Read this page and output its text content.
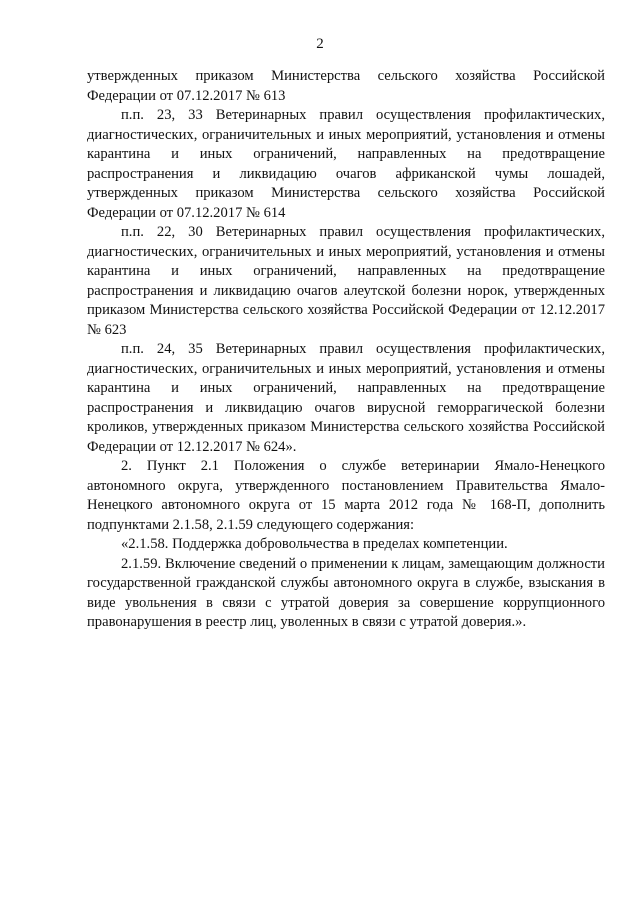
2

утвержденных приказом Министерства сельского хозяйства Российской Федерации от 07.12.2017 № 613

п.п. 23, 33 Ветеринарных правил осуществления профилактических, диагностических, ограничительных и иных мероприятий, установления и отмены карантина и иных ограничений, направленных на предотвращение распространения и ликвидацию очагов африканской чумы лошадей, утвержденных приказом Министерства сельского хозяйства Российской Федерации от 07.12.2017 № 614

п.п. 22, 30 Ветеринарных правил осуществления профилактических, диагностических, ограничительных и иных мероприятий, установления и отмены карантина и иных ограничений, направленных на предотвращение распространения и ликвидацию очагов алеутской болезни норок, утвержденных приказом Министерства сельского хозяйства Российской Федерации от 12.12.2017 № 623

п.п. 24, 35 Ветеринарных правил осуществления профилактических, диагностических, ограничительных и иных мероприятий, установления и отмены карантина и иных ограничений, направленных на предотвращение распространения и ликвидацию очагов вирусной геморрагической болезни кроликов, утвержденных приказом Министерства сельского хозяйства Российской Федерации от 12.12.2017 № 624».

2. Пункт 2.1 Положения о службе ветеринарии Ямало-Ненецкого автономного округа, утвержденного постановлением Правительства Ямало-Ненецкого автономного округа от 15 марта 2012 года № 168-П, дополнить подпунктами 2.1.58, 2.1.59 следующего содержания:

«2.1.58. Поддержка добровольчества в пределах компетенции.

2.1.59. Включение сведений о применении к лицам, замещающим должности государственной гражданской службы автономного округа в службе, взыскания в виде увольнения в связи с утратой доверия за совершение коррупционного правонарушения в реестр лиц, уволенных в связи с утратой доверия.».
